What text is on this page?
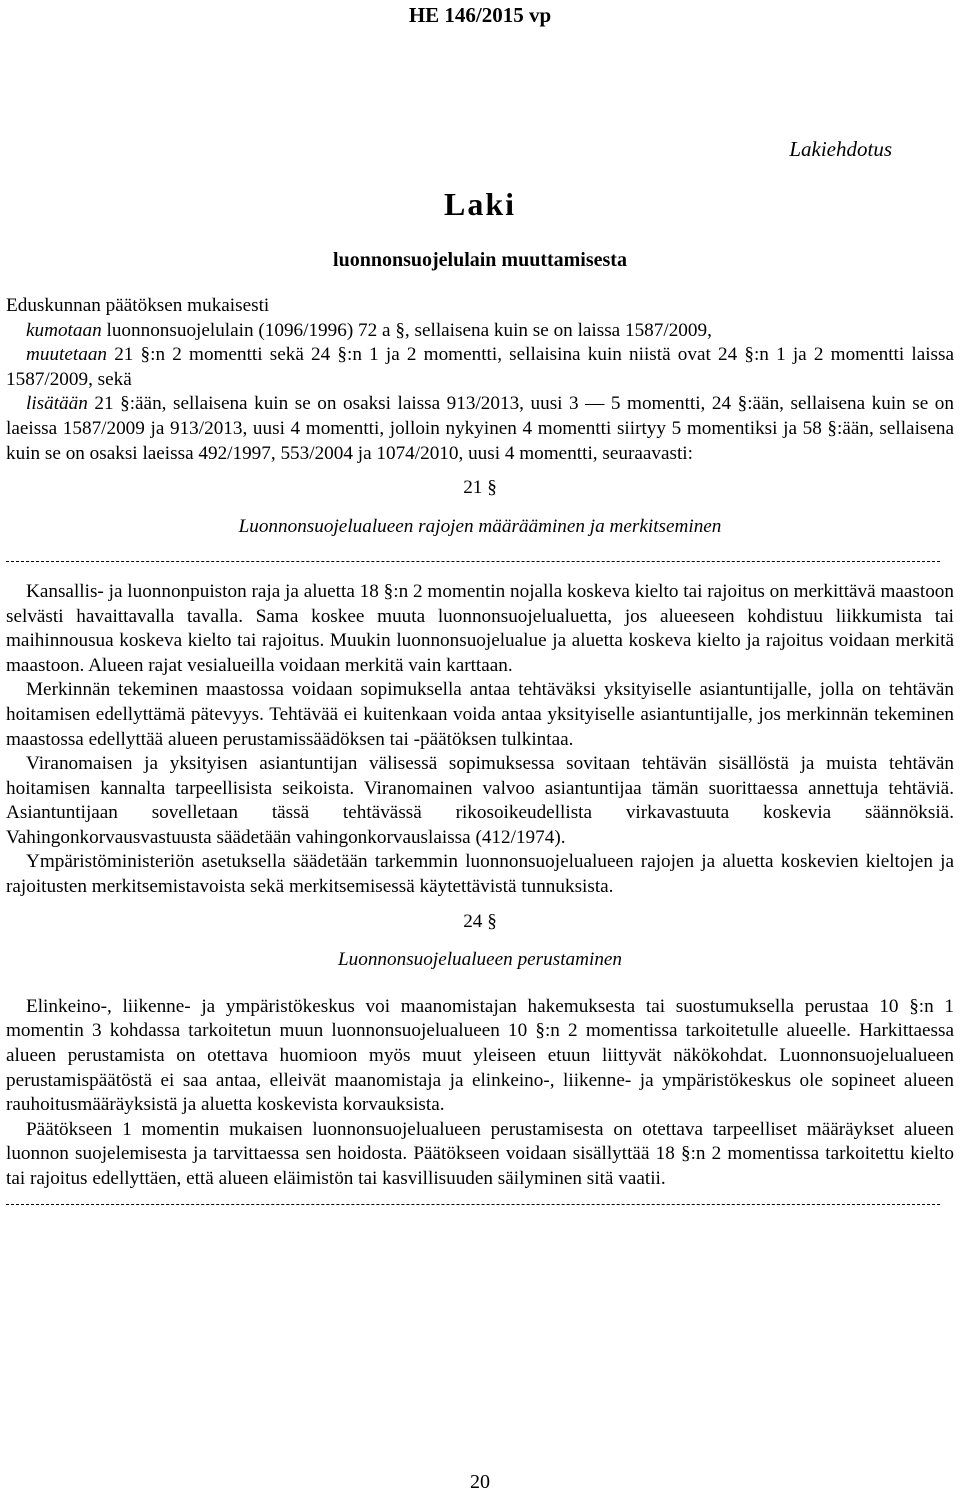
HE 146/2015 vp
Lakiehdotus
Laki
luonnonsuojelulain muuttamisesta

Eduskunnan päätöksen mukaisesti

kumotaan luonnonsuojelulain (1096/1996) 72 a §, sellaisena kuin se on laissa 1587/2009,

muutetaan 21 §:n 2 momentti sekä 24 §:n 1 ja 2 momentti, sellaisina kuin niistä ovat 24 §:n 1 ja 2 momentti laissa 1587/2009, sekä

lisätään 21 §:ään, sellaisena kuin se on osaksi laissa 913/2013, uusi 3 — 5 momentti, 24 §:ään, sellaisena kuin se on laeissa 1587/2009 ja 913/2013, uusi 4 momentti, jolloin nykyinen 4 momentti siirtyy 5 momentiksi ja 58 §:ään, sellaisena kuin se on osaksi laeissa 492/1997, 553/2004 ja 1074/2010, uusi 4 momentti, seuraavasti:

21 §

Luonnonsuojelualueen rajojen määrääminen ja merkitseminen

Kansallis- ja luonnonpuiston raja ja aluetta 18 §:n 2 momentin nojalla koskeva kielto tai rajoitus on merkittävä maastoon selvästi havaittavalla tavalla. Sama koskee muuta luonnonsuojelualuetta, jos alueeseen kohdistuu liikkumista tai maihinnousua koskeva kielto tai rajoitus. Muukin luonnonsuojelualue ja aluetta koskeva kielto ja rajoitus voidaan merkitä maastoon. Alueen rajat vesialueilla voidaan merkitä vain karttaan.

Merkinnän tekeminen maastossa voidaan sopimuksella antaa tehtäväksi yksityiselle asiantuntijalle, jolla on tehtävän hoitamisen edellyttämä pätevyys. Tehtävää ei kuitenkaan voida antaa yksityiselle asiantuntijalle, jos merkinnän tekeminen maastossa edellyttää alueen perustamissäädöksen tai -päätöksen tulkintaa.

Viranomaisen ja yksityisen asiantuntijan välisessä sopimuksessa sovitaan tehtävän sisällöstä ja muista tehtävän hoitamisen kannalta tarpeellisista seikoista. Viranomainen valvoo asiantuntijaa tämän suorittaessa annettuja tehtäviä. Asiantuntijaan sovelletaan tässä tehtävässä rikosoikeudellista virkavastuuta koskevia säännöksiä. Vahingonkorvausvastuusta säädetään vahingonkorvauslaissa (412/1974).

Ympäristöministeriön asetuksella säädetään tarkemmin luonnonsuojelualueen rajojen ja aluetta koskevien kieltojen ja rajoitusten merkitsemistavoista sekä merkitsemisessä käytettävistä tunnuksista.

24 §

Luonnonsuojelualueen perustaminen

Elinkeino-, liikenne- ja ympäristökeskus voi maanomistajan hakemuksesta tai suostumuksella perustaa 10 §:n 1 momentin 3 kohdassa tarkoitetun muun luonnonsuojelualueen 10 §:n 2 momentissa tarkoitetulle alueelle. Harkittaessa alueen perustamista on otettava huomioon myös muut yleiseen etuun liittyvät näkökohdat. Luonnonsuojelualueen perustamispäätöstä ei saa antaa, elleivät maanomistaja ja elinkeino-, liikenne- ja ympäristökeskus ole sopineet alueen rauhoitusmääräyksistä ja aluetta koskevista korvauksista.

Päätökseen 1 momentin mukaisen luonnonsuojelualueen perustamisesta on otettava tarpeelliset määräykset alueen luonnon suojelemisesta ja tarvittaessa sen hoidosta. Päätökseen voidaan sisällyttää 18 §:n 2 momentissa tarkoitettu kielto tai rajoitus edellyttäen, että alueen eläimistön tai kasvillisuuden säilyminen sitä vaatii.

20
